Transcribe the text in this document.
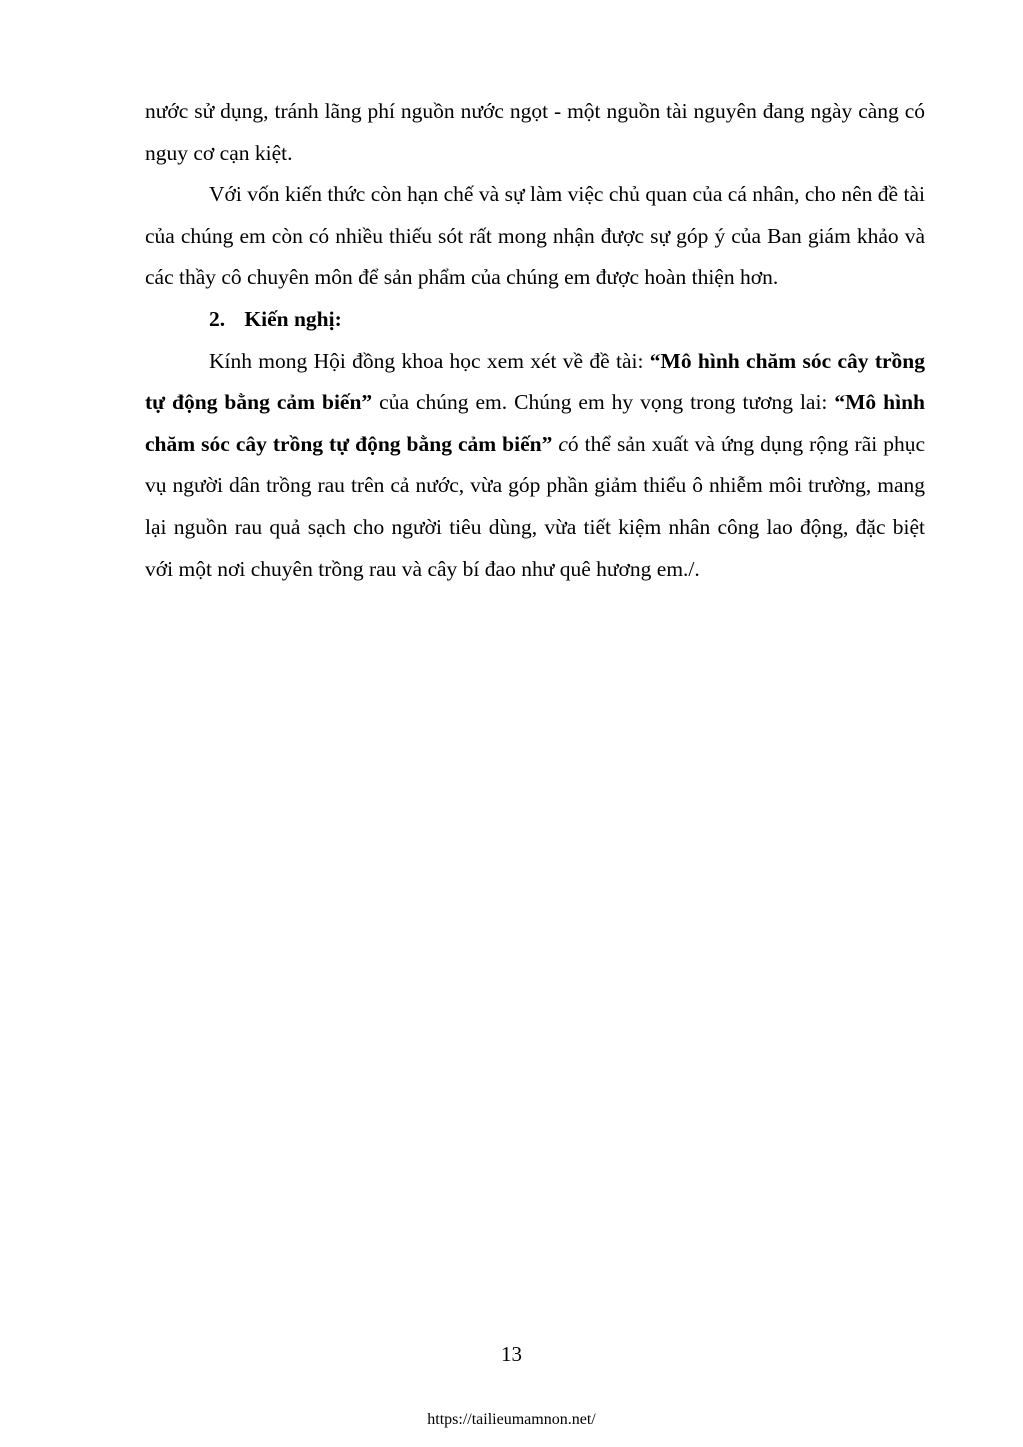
nước sử dụng, tránh lãng phí nguồn nước ngọt - một nguồn tài nguyên đang ngày càng có nguy cơ cạn kiệt.

Với vốn kiến thức còn hạn chế và sự làm việc chủ quan của cá nhân, cho nên đề tài của chúng em còn có nhiều thiếu sót rất mong nhận được sự góp ý của Ban giám khảo và các thầy cô chuyên môn để sản phẩm của chúng em được hoàn thiện hơn.

2. Kiến nghị:

Kính mong Hội đồng khoa học xem xét về đề tài: “Mô hình chăm sóc cây trồng tự động bằng cảm biến” của chúng em. Chúng em hy vọng trong tương lai: “Mô hình chăm sóc cây trồng tự động bằng cảm biến” có thể sản xuất và ứng dụng rộng rãi phục vụ người dân trồng rau trên cả nước, vừa góp phần giảm thiểu ô nhiễm môi trường, mang lại nguồn rau quả sạch cho người tiêu dùng, vừa tiết kiệm nhân công lao động, đặc biệt với một nơi chuyên trồng rau và cây bí đao như quê hương em./.

13
https://tailieumamnon.net/
